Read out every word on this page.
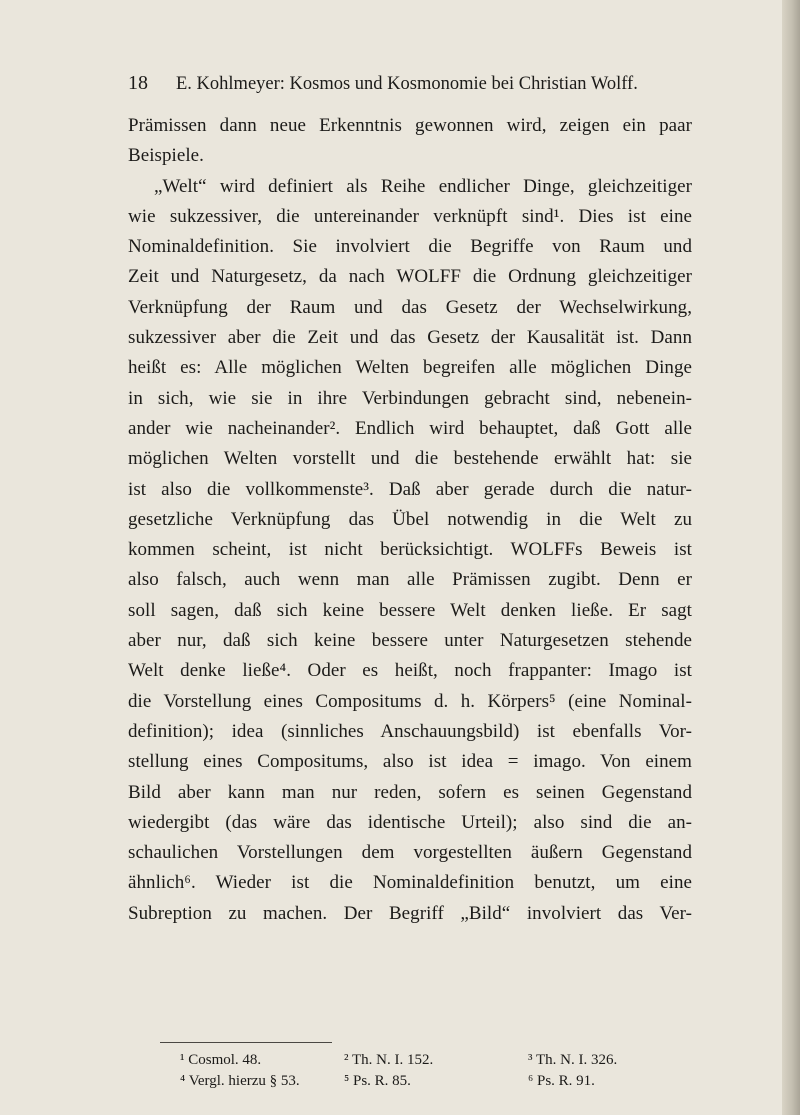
18	E. Kohlmeyer: Kosmos und Kosmonomie bei Christian Wolff.
Prämissen dann neue Erkenntnis gewonnen wird, zeigen ein paar
Beispiele.
„Welt“ wird definiert als Reihe endlicher Dinge, gleichzeitiger
wie sukzessiver, die untereinander verknüpft sind¹. Dies ist eine
Nominaldefinition. Sie involviert die Begriffe von Raum und
Zeit und Naturgesetz, da nach WOLFF die Ordnung gleichzeitiger
Verknüpfung der Raum und das Gesetz der Wechselwirkung,
sukzessiver aber die Zeit und das Gesetz der Kausalität ist. Dann
heißt es: Alle möglichen Welten begreifen alle möglichen Dinge
in sich, wie sie in ihre Verbindungen gebracht sind, nebenein-
ander wie nacheinander². Endlich wird behauptet, daß Gott alle
möglichen Welten vorstellt und die bestehende erwählt hat: sie
ist also die vollkommenste³. Daß aber gerade durch die natur-
gesetzliche Verknüpfung das Übel notwendig in die Welt zu
kommen scheint, ist nicht berücksichtigt. WOLFFs Beweis ist
also falsch, auch wenn man alle Prämissen zugibt. Denn er
soll sagen, daß sich keine bessere Welt denken ließe. Er sagt
aber nur, daß sich keine bessere unter Naturgesetzen stehende
Welt denke ließe⁴. Oder es heißt, noch frappanter: Imago ist
die Vorstellung eines Compositums d. h. Körpers⁵ (eine Nominal-
definition); idea (sinnliches Anschauungsbild) ist ebenfalls Vor-
stellung eines Compositums, also ist idea = imago. Von einem
Bild aber kann man nur reden, sofern es seinen Gegenstand
wiedergibt (das wäre das identische Urteil); also sind die an-
schaulichen Vorstellungen dem vorgestellten äußern Gegenstand
ähnlich⁶. Wieder ist die Nominaldefinition benutzt, um eine
Subreption zu machen. Der Begriff „Bild“ involviert das Ver-
¹ Cosmol. 48.	² Th. N. I. 152.	³ Th. N. I. 326.
⁴ Vergl. hierzu § 53.	⁵ Ps. R. 85.	⁶ Ps. R. 91.
